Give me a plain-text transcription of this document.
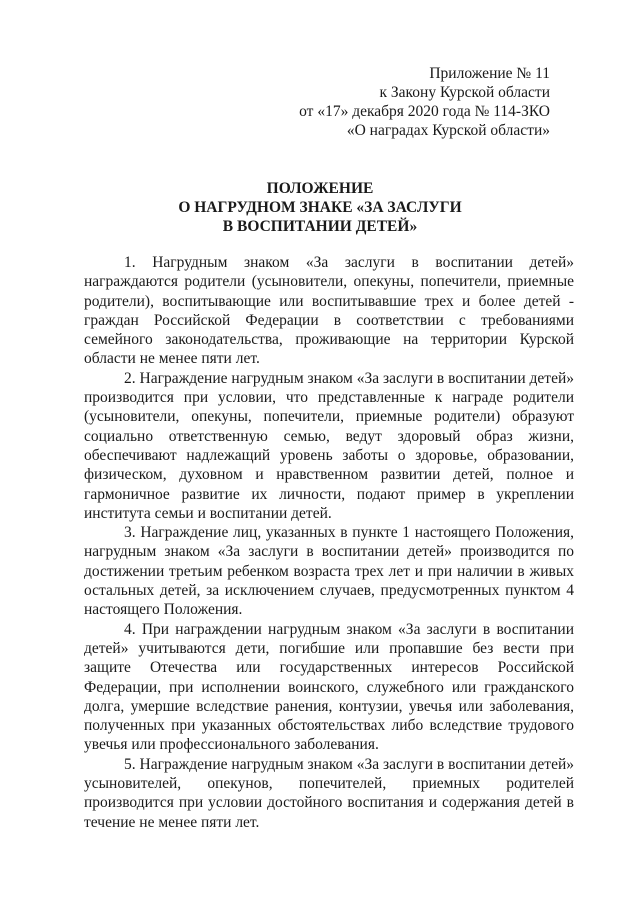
Приложение № 11
к Закону Курской области
от «17» декабря 2020 года № 114-ЗКО
«О наградах Курской области»
ПОЛОЖЕНИЕ
О НАГРУДНОМ ЗНАКЕ «ЗА ЗАСЛУГИ
В ВОСПИТАНИИ ДЕТЕЙ»

1. Нагрудным знаком «За заслуги в воспитании детей» награждаются родители (усыновители, опекуны, попечители, приемные родители), воспитывающие или воспитывавшие трех и более детей - граждан Российской Федерации в соответствии с требованиями семейного законодательства, проживающие на территории Курской области не менее пяти лет.

2. Награждение нагрудным знаком «За заслуги в воспитании детей» производится при условии, что представленные к награде родители (усыновители, опекуны, попечители, приемные родители) образуют социально ответственную семью, ведут здоровый образ жизни, обеспечивают надлежащий уровень заботы о здоровье, образовании, физическом, духовном и нравственном развитии детей, полное и гармоничное развитие их личности, подают пример в укреплении института семьи и воспитании детей.

3. Награждение лиц, указанных в пункте 1 настоящего Положения, нагрудным знаком «За заслуги в воспитании детей» производится по достижении третьим ребенком возраста трех лет и при наличии в живых остальных детей, за исключением случаев, предусмотренных пунктом 4 настоящего Положения.

4. При награждении нагрудным знаком «За заслуги в воспитании детей» учитываются дети, погибшие или пропавшие без вести при защите Отечества или государственных интересов Российской Федерации, при исполнении воинского, служебного или гражданского долга, умершие вследствие ранения, контузии, увечья или заболевания, полученных при указанных обстоятельствах либо вследствие трудового увечья или профессионального заболевания.

5. Награждение нагрудным знаком «За заслуги в воспитании детей» усыновителей, опекунов, попечителей, приемных родителей производится при условии достойного воспитания и содержания детей в течение не менее пяти лет.
